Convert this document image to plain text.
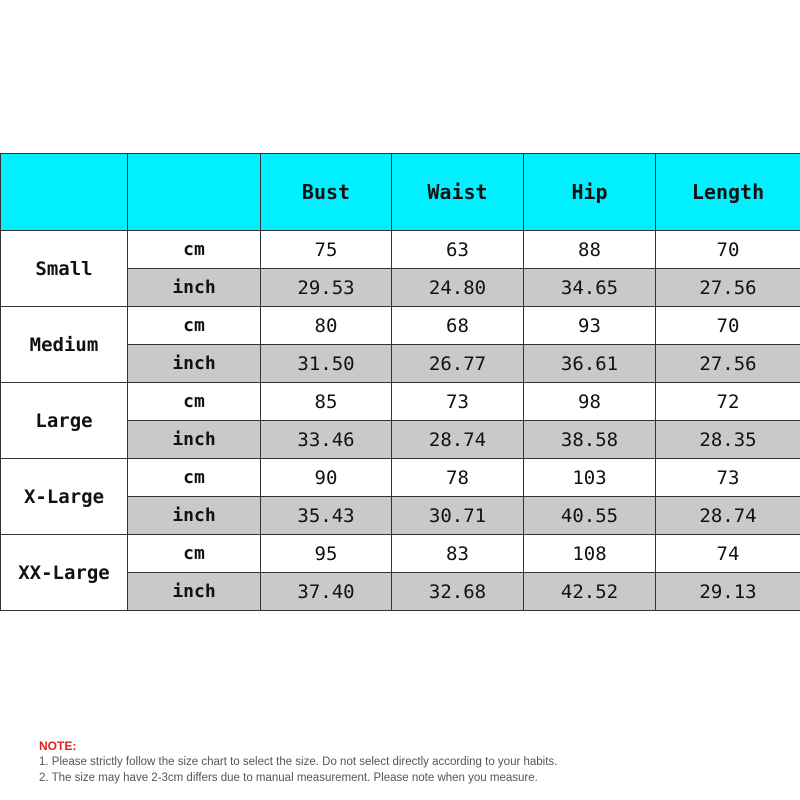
		Bust	Waist	Hip	Length
Small	cm	75	63	88	70
	inch	29.53	24.80	34.65	27.56
Medium	cm	80	68	93	70
	inch	31.50	26.77	36.61	27.56
Large	cm	85	73	98	72
	inch	33.46	28.74	38.58	28.35
X-Large	cm	90	78	103	73
	inch	35.43	30.71	40.55	28.74
XX-Large	cm	95	83	108	74
	inch	37.40	32.68	42.52	29.13
NOTE:
1. Please strictly follow the size chart to select the size. Do not select directly according to your habits.
2. The size may have 2-3cm differs due to manual measurement. Please note when you measure.
